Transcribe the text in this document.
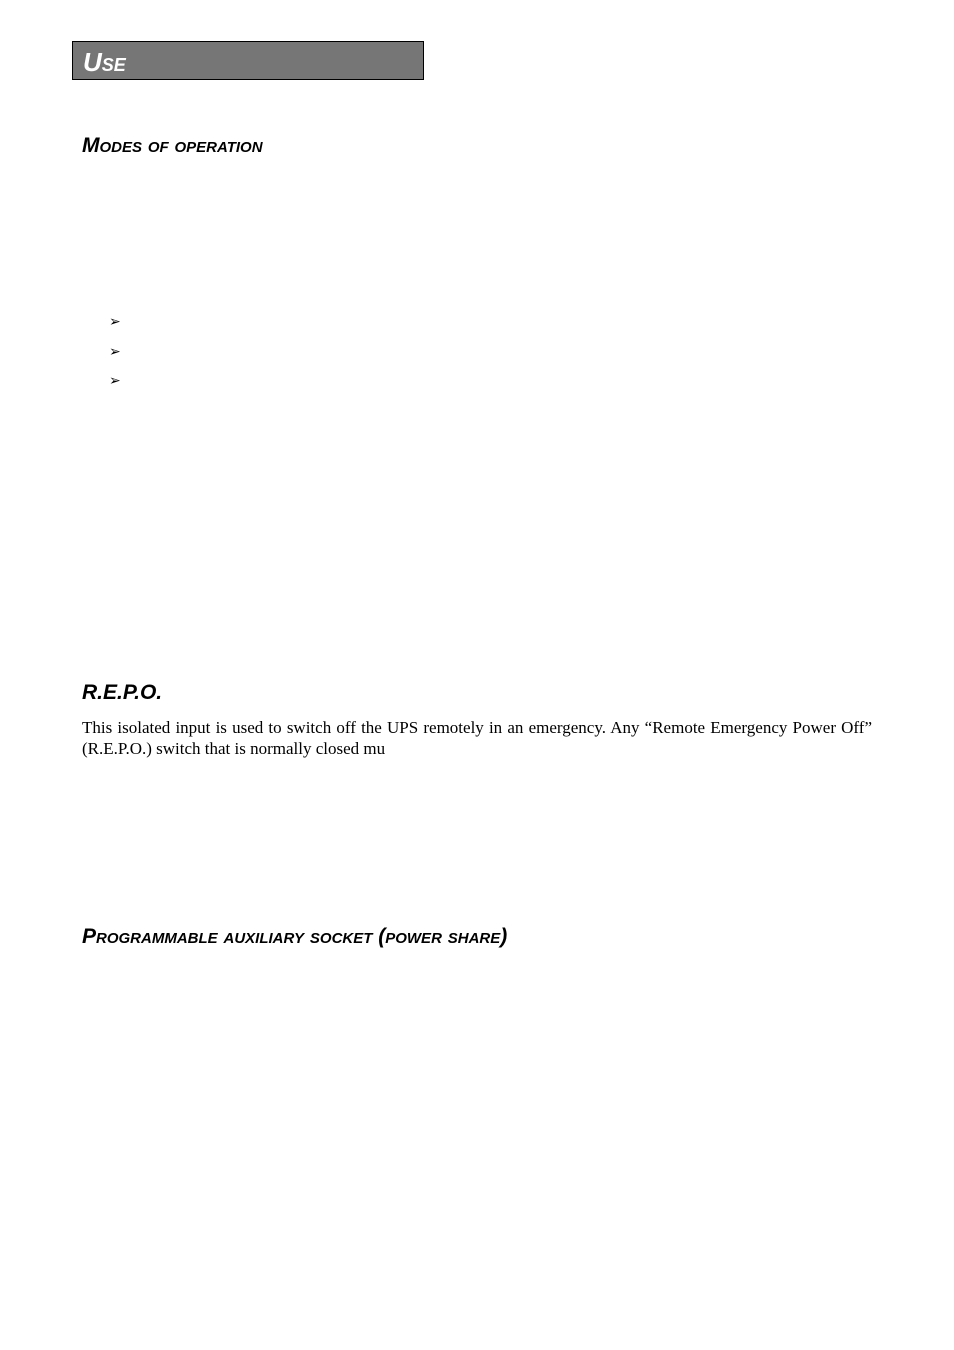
Use
Modes of operation
➢
➢
➢
R.E.P.O.

This isolated input is used to switch off the UPS remotely in an emergency. Any “Remote Emergency Power Off” (R.E.P.O.) switch that is normally closed mu

Programmable auxiliary socket (power share)
